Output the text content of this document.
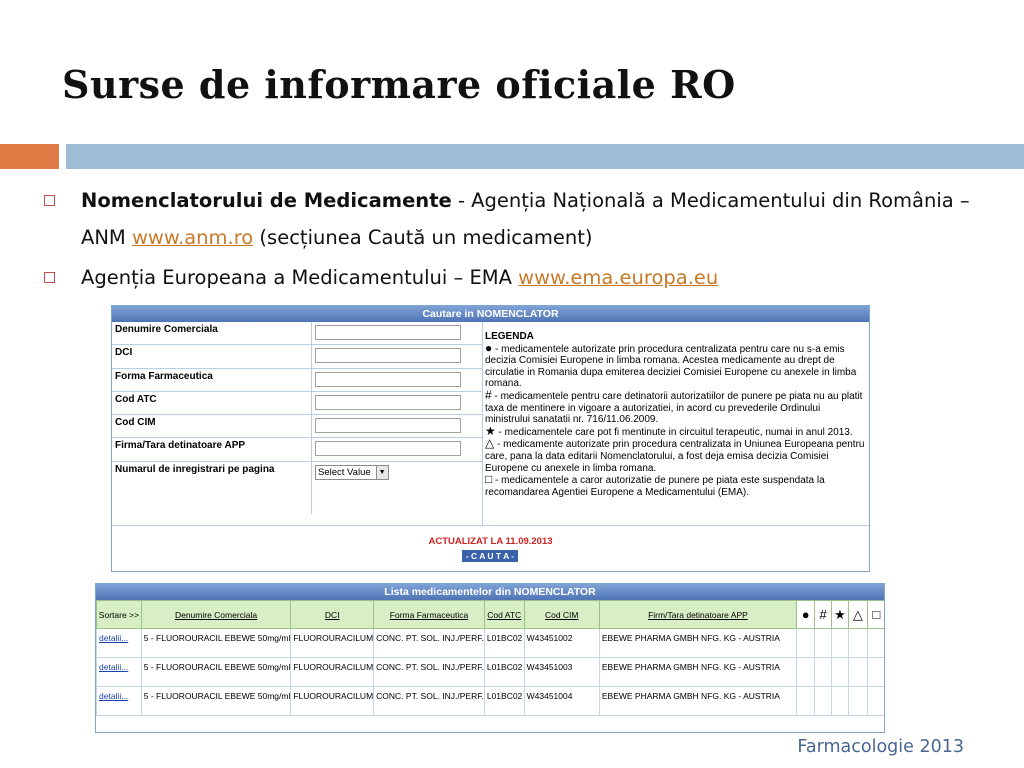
Surse de informare oficiale RO
Nomenclatorului de Medicamente - Agenția Națională a Medicamentului din România – ANM www.anm.ro (secțiunea Caută un medicament)
Agenția Europeana a Medicamentului – EMA www.ema.europa.eu
Cautare in NOMENCLATOR
Denumire Comerciala
DCI
Forma Farmaceutica
Cod ATC
Cod CIM
Firma/Tara detinatoare APP
Numarul de inregistrari pe pagina	Select Value	▼
LEGENDA
● - medicamentele autorizate prin procedura centralizata pentru care nu s-a emis decizia Comisiei Europene in limba romana. Acestea medicamente au drept de circulatie in Romania dupa emiterea deciziei Comisiei Europene cu anexele in limba romana.
# - medicamentele pentru care detinatorii autorizatiilor de punere pe piata nu au platit taxa de mentinere in vigoare a autorizatiei, in acord cu prevederile Ordinului ministrului sanatatii nr. 716/11.06.2009.
★ - medicamentele care pot fi mentinute in circuitul terapeutic, numai in anul 2013.
△ - medicamente autorizate prin procedura centralizata in Uniunea Europeana pentru care, pana la data editarii Nomenclatorului, a fost deja emisa decizia Comisiei Europene cu anexele in limba romana.
□ - medicamentele a caror autorizatie de punere pe piata este suspendata la recomandarea Agentiei Europene a Medicamentului (EMA).
ACTUALIZAT LA 11.09.2013
- C A U T A -
Lista medicamentelor din NOMENCLATOR
Sortare >>	Denumire Comerciala	DCI	Forma Farmaceutica	Cod ATC	Cod CIM	Firm/Tara detinatoare APP	●	#	★	△	□
detalii...	5 - FLUOROURACIL EBEWE 50mg/ml	FLUOROURACILUM	CONC. PT. SOL. INJ./PERF.	L01BC02	W43451002	EBEWE PHARMA GMBH NFG. KG - AUSTRIA					
detalii...	5 - FLUOROURACIL EBEWE 50mg/ml	FLUOROURACILUM	CONC. PT. SOL. INJ./PERF.	L01BC02	W43451003	EBEWE PHARMA GMBH NFG. KG - AUSTRIA					
detalii...	5 - FLUOROURACIL EBEWE 50mg/ml	FLUOROURACILUM	CONC. PT. SOL. INJ./PERF.	L01BC02	W43451004	EBEWE PHARMA GMBH NFG. KG - AUSTRIA					
Farmacologie 2013
